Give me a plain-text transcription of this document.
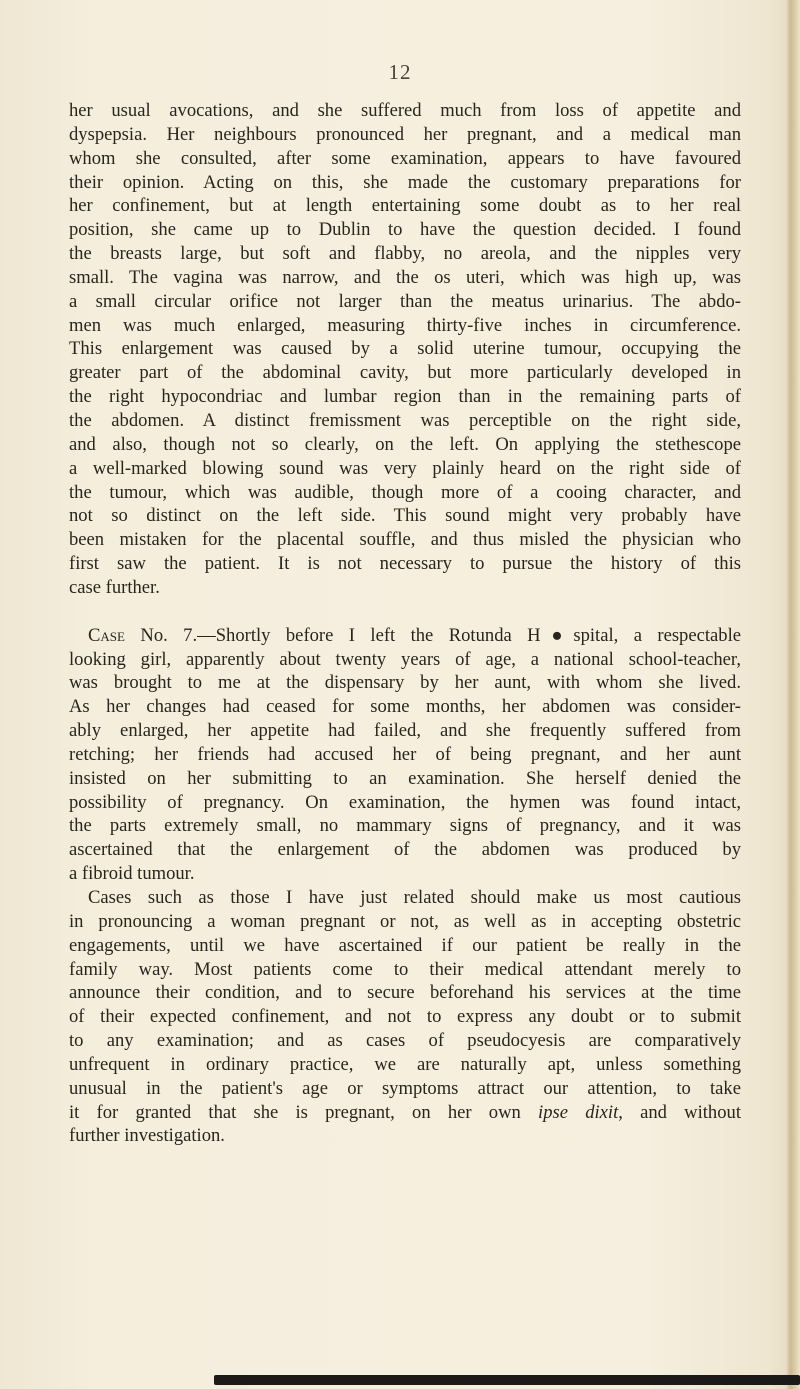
12
her usual avocations, and she suffered much from loss of appetite and
dyspepsia. Her neighbours pronounced her pregnant, and a medical man
whom she consulted, after some examination, appears to have favoured
their opinion. Acting on this, she made the customary preparations for
her confinement, but at length entertaining some doubt as to her real
position, she came up to Dublin to have the question decided. I found
the breasts large, but soft and flabby, no areola, and the nipples very
small. The vagina was narrow, and the os uteri, which was high up, was
a small circular orifice not larger than the meatus urinarius. The abdo-
men was much enlarged, measuring thirty-five inches in circumference.
This enlargement was caused by a solid uterine tumour, occupying the
greater part of the abdominal cavity, but more particularly developed in
the right hypocondriac and lumbar region than in the remaining parts of
the abdomen. A distinct fremissment was perceptible on the right side,
and also, though not so clearly, on the left. On applying the stethescope
a well-marked blowing sound was very plainly heard on the right side of
the tumour, which was audible, though more of a cooing character, and
not so distinct on the left side. This sound might very probably have
been mistaken for the placental souffle, and thus misled the physician who
first saw the patient. It is not necessary to pursue the history of this
case further.
Case No. 7.—Shortly before I left the Rotunda H●spital, a respectable
looking girl, apparently about twenty years of age, a national school-teacher,
was brought to me at the dispensary by her aunt, with whom she lived.
As her changes had ceased for some months, her abdomen was consider-
ably enlarged, her appetite had failed, and she frequently suffered from
retching; her friends had accused her of being pregnant, and her aunt
insisted on her submitting to an examination. She herself denied the
possibility of pregnancy. On examination, the hymen was found intact,
the parts extremely small, no mammary signs of pregnancy, and it was
ascertained that the enlargement of the abdomen was produced by
a fibroid tumour.
Cases such as those I have just related should make us most cautious
in pronouncing a woman pregnant or not, as well as in accepting obstetric
engagements, until we have ascertained if our patient be really in the
family way. Most patients come to their medical attendant merely to
announce their condition, and to secure beforehand his services at the time
of their expected confinement, and not to express any doubt or to submit
to any examination; and as cases of pseudocyesis are comparatively
unfrequent in ordinary practice, we are naturally apt, unless something
unusual in the patient's age or symptoms attract our attention, to take
it for granted that she is pregnant, on her own ipse dixit, and without
further investigation.
